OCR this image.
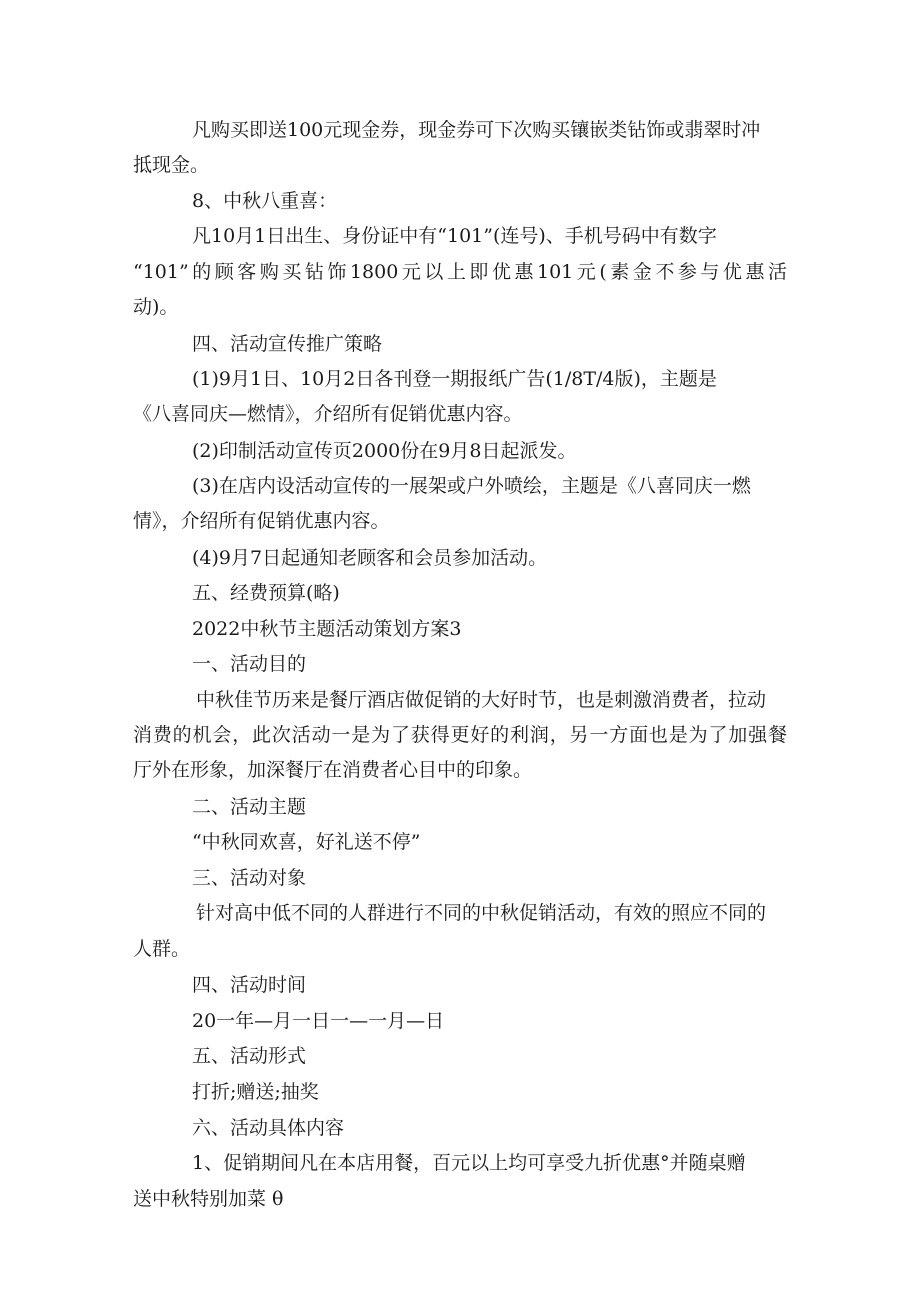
凡购买即送100元现金券，现金券可下次购买镶嵌类钻饰或翡翠时冲
抵现金。
8、中秋八重喜：
凡10月1日出生、身份证中有“101”(连号)、手机号码中有数字
“101”的顾客购买钻饰1800元以上即优惠101元(素金不参与优惠活
动)。
四、活动宣传推广策略
(1)9月1日、10月2日各刊登一期报纸广告(1/8T/4版)，主题是
《八喜同庆—燃情》，介绍所有促销优惠内容。
(2)印制活动宣传页2000份在9月8日起派发。
(3)在店内设活动宣传的一展架或户外喷绘，主题是《八喜同庆一燃
情》，介绍所有促销优惠内容。
(4)9月7日起通知老顾客和会员参加活动。
五、经费预算(略)
2022中秋节主题活动策划方案3
一、活动目的
中秋佳节历来是餐厅酒店做促销的大好时节，也是刺激消费者，拉动
消费的机会，此次活动一是为了获得更好的利润，另一方面也是为了加强餐
厅外在形象，加深餐厅在消费者心目中的印象。
二、活动主题
“中秋同欢喜，好礼送不停”
三、活动对象
针对高中低不同的人群进行不同的中秋促销活动，有效的照应不同的
人群。
四、活动时间
20一年—月一日一—一月—日
五、活动形式
打折;赠送;抽奖
六、活动具体内容
1、促销期间凡在本店用餐，百元以上均可享受九折优惠°并随桌赠
送中秋特别加菜 θ
